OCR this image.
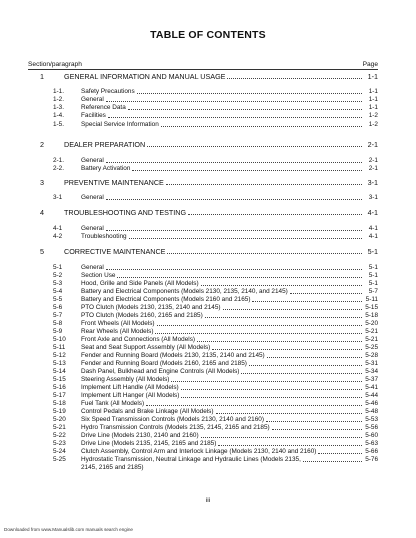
TABLE OF CONTENTS
Section/paragraph	Page
1	GENERAL INFORMATION AND MANUAL USAGE	1-1
1-1.	Safety Precautions	1-1
1-2.	General	1-1
1-3.	Reference Data	1-1
1-4.	Facilities	1-2
1-5.	Special Service Information	1-2
2	DEALER PREPARATION	2-1
2-1.	General	2-1
2-2.	Battery Activation	2-1
3	PREVENTIVE MAINTENANCE	3-1
3-1	General	3-1
4	TROUBLESHOOTING AND TESTING	4-1
4-1	General	4-1
4-2	Troubleshooting	4-1
5	CORRECTIVE MAINTENANCE	5-1
5-1	General	5-1
5-2	Section Use	5-1
5-3	Hood, Grille and Side Panels (All Models)	5-1
5-4	Battery and Electrical Components (Models 2130, 2135, 2140, and 2145)	5-7
5-5	Battery and Electrical Components (Models 2160 and 2165)	5-11
5-6	PTO Clutch (Models 2130, 2135, 2140 and 2145)	5-15
5-7	PTO Clutch (Models 2160, 2165 and 2185)	5-18
5-8	Front Wheels (All Models)	5-20
5-9	Rear Wheels (All Models)	5-21
5-10	Front Axle and Connections (All Models)	5-21
5-11	Seat and Seat Support Assembly (All Models)	5-25
5-12	Fender and Running Board (Models 2130, 2135, 2140 and 2145)	5-28
5-13	Fender and Running Board (Models 2160, 2165 and 2185)	5-31
5-14	Dash Panel, Bulkhead and Engine Controls (All Models)	5-34
5-15	Steering Assembly (All Models)	5-37
5-16	Implement Lift Handle (All Models)	5-41
5-17	Implement Lift Hanger (All Models)	5-44
5-18	Fuel Tank (All Models)	5-46
5-19	Control Pedals and Brake Linkage (All Models)	5-48
5-20	Six Speed Transmission Controls (Models 2130, 2140 and 2160)	5-53
5-21	Hydro Transmission Controls (Models 2135, 2145, 2165 and 2185)	5-56
5-22	Drive Line (Models 2130, 2140 and 2160)	5-60
5-23	Drive Line (Models 2135, 2145, 2165 and 2185)	5-63
5-24	Clutch Assembly, Control Arm and Interlock Linkage (Models 2130, 2140 and 2160)	5-66
5-25	Hydrostatic Transmission, Neutral Linkage and Hydraulic Lines (Models 2135,	5-76
2145, 2165 and 2185)
iii
Downloaded from www.Manualslib.com manuals search engine
